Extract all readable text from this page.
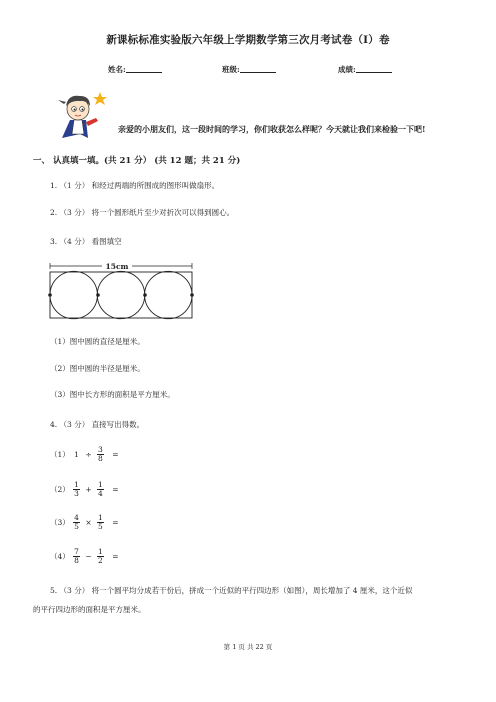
新课标标准实验版六年级上学期数学第三次月考试卷（I）卷
姓名:	班级:	成绩:
亲爱的小朋友们，这一段时间的学习，你们收获怎么样呢？今天就让我们来检验一下吧!
一、 认真填一填。(共 21 分） (共 12 题；共 21 分)
1. （1 分） 和经过两端的所围成的图形叫做扇形。
2. （3 分） 将一个圆形纸片至少对折次可以得到圆心。
3. （4 分） 看图填空
15cm
（1）图中圆的直径是厘米。
（2）图中圆的半径是厘米。
（3）图中长方形的面积是平方厘米。
4. （3 分） 直接写出得数。
（1） $1 \div \frac{3}{8}$ =
$(2) \frac{1}{3} + \frac{1}{4}$ =
$(3) \frac{4}{5} \times \frac{1}{5}$ =
$(4) \frac{7}{8} - \frac{1}{2}$ =
5. （3 分） 将一个圆平均分成若干份后，拼成一个近似的平行四边形（如图），周长增加了 4 厘米，这个近似
的平行四边形的面积是平方厘米。
第 1 页 共 22 页
